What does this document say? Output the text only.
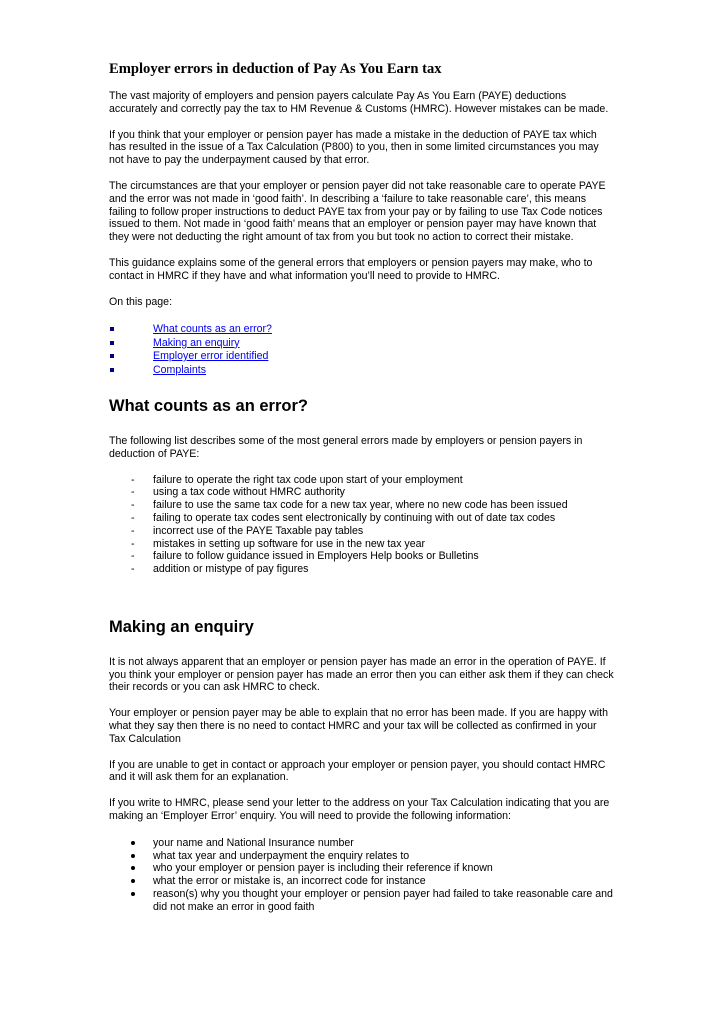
Employer errors in deduction of Pay As You Earn tax

The vast majority of employers and pension payers calculate Pay As You Earn (PAYE) deductions accurately and correctly pay the tax to HM Revenue & Customs (HMRC). However mistakes can be made.

If you think that your employer or pension payer has made a mistake in the deduction of PAYE tax which has resulted in the issue of a Tax Calculation (P800) to you, then in some limited circumstances you may not have to pay the underpayment caused by that error.

The circumstances are that your employer or pension payer did not take reasonable care to operate PAYE and the error was not made in ‘good faith’. In describing a ‘failure to take reasonable care’, this means failing to follow proper instructions to deduct PAYE tax from your pay or by failing to use Tax Code notices issued to them. Not made in ‘good faith’ means that an employer or pension payer may have known that they were not deducting the right amount of tax from you but took no action to correct their mistake.

This guidance explains some of the general errors that employers or pension payers may make, who to contact in HMRC if they have and what information you’ll need to provide to HMRC.

On this page:

What counts as an error?
Making an enquiry
Employer error identified
Complaints
What counts as an error?

The following list describes some of the most general errors made by employers or pension payers in deduction of PAYE:

- failure to operate the right tax code upon start of your employment
- using a tax code without HMRC authority
- failure to use the same tax code for a new tax year, where no new code has been issued
- failing to operate tax codes sent electronically by continuing with out of date tax codes
- incorrect use of the PAYE Taxable pay tables
- mistakes in setting up software for use in the new tax year
- failure to follow guidance issued in Employers Help books or Bulletins
- addition or mistype of pay figures
Making an enquiry

It is not always apparent that an employer or pension payer has made an error in the operation of PAYE. If you think your employer or pension payer has made an error then you can either ask them if they can check their records or you can ask HMRC to check.

Your employer or pension payer may be able to explain that no error has been made. If you are happy with what they say then there is no need to contact HMRC and your tax will be collected as confirmed in your Tax Calculation

If you are unable to get in contact or approach your employer or pension payer, you should contact HMRC and it will ask them for an explanation.

If you write to HMRC, please send your letter to the address on your Tax Calculation indicating that you are making an ‘Employer Error’ enquiry. You will need to provide the following information:

your name and National Insurance number
what tax year and underpayment the enquiry relates to
who your employer or pension payer is including their reference if known
what the error or mistake is, an incorrect code for instance
reason(s) why you thought your employer or pension payer had failed to take reasonable care and did not make an error in good faith
